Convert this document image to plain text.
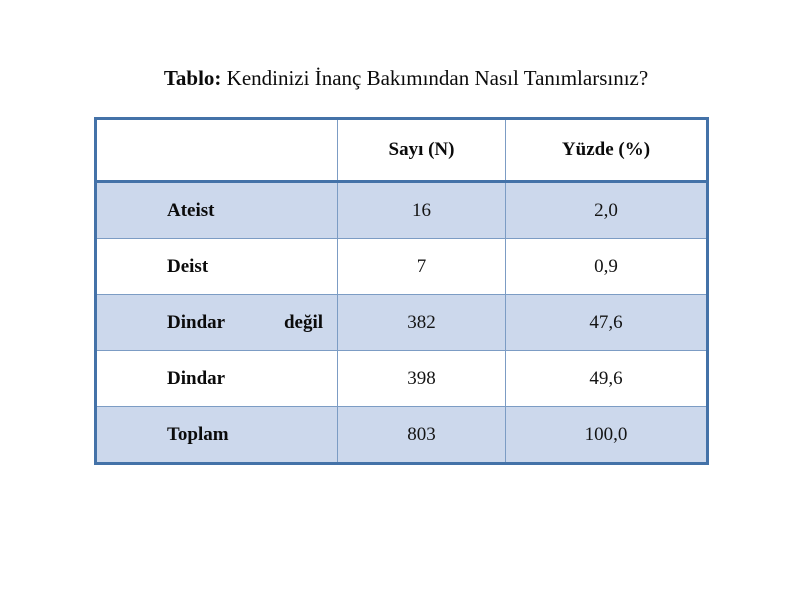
Tablo: Kendinizi İnanç Bakımından Nasıl Tanımlarsınız?

	Sayı (N)	Yüzde (%)

Ateist	16	2,0

Deist	7	0,9

Dindar değil	382	47,6

Dindar	398	49,6

Toplam	803	100,0
